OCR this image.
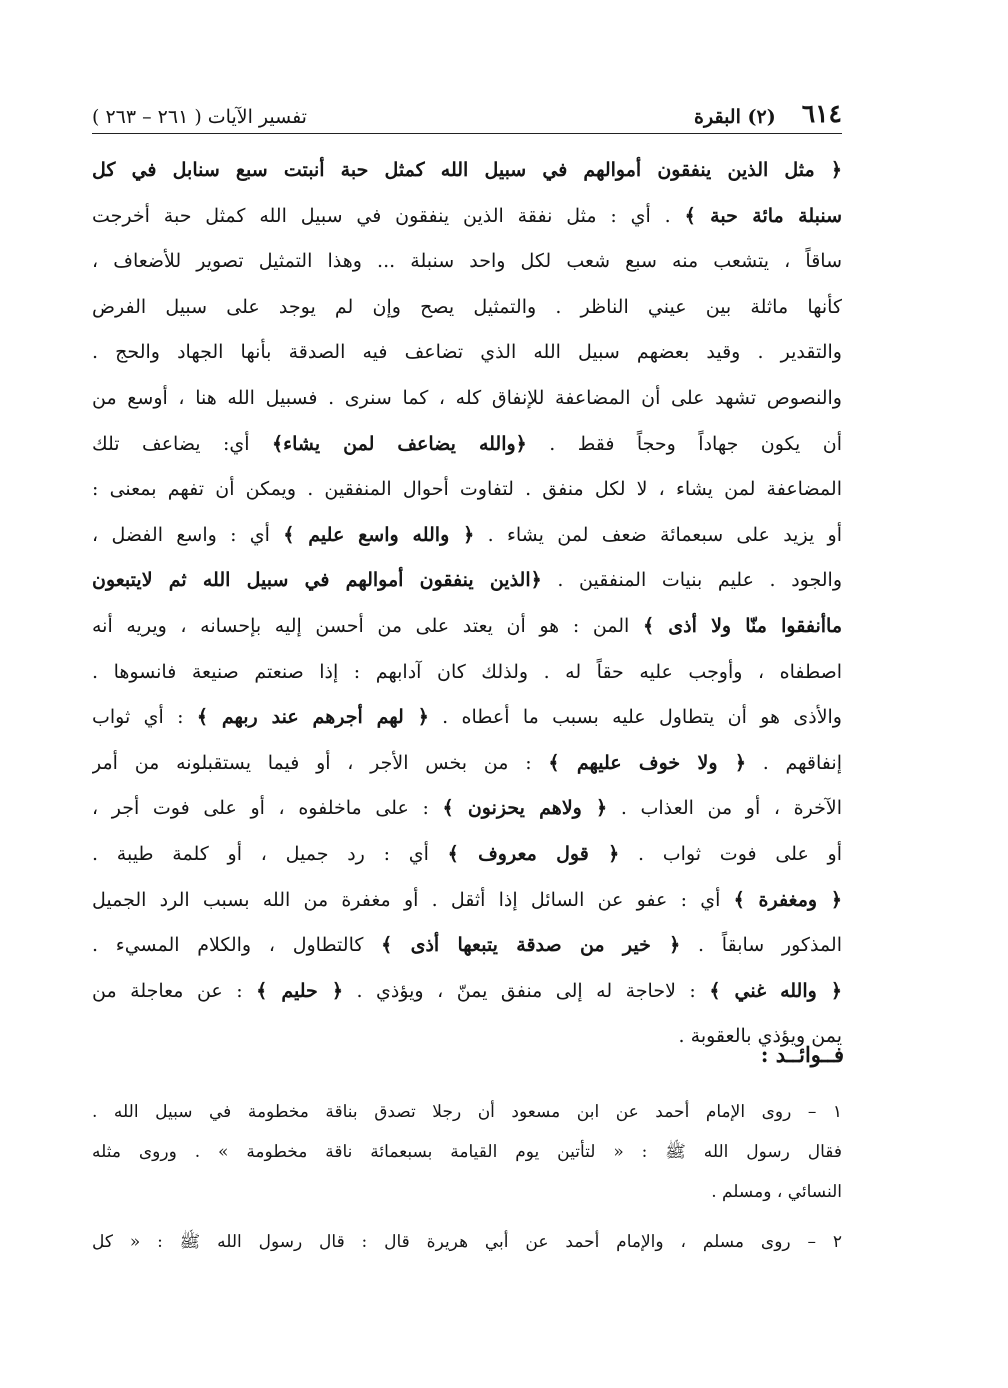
٦١٤
(٢) البقرة
تفسير الآيات ( ٢٦١ – ٢٦٣ )
﴿ مثل الذين ينفقون أموالهم في سبيل الله كمثل حبة أنبتت سبع سنابل في كل
سنبلة مائة حبة ﴾ . أي : مثل نفقة الذين ينفقون في سبيل الله كمثل حبة أخرجت
ساقاً ، يتشعب منه سبع شعب لكل واحد سنبلة ... وهذا التمثيل تصوير للأضعاف ،
كأنها ماثلة بين عيني الناظر . والتمثيل يصح وإن لم يوجد على سبيل الفرض
والتقدير . وقيد بعضهم سبيل الله الذي تضاعف فيه الصدقة بأنها الجهاد والحج .
والنصوص تشهد على أن المضاعفة للإنفاق كله ، كما سنرى . فسبيل الله هنا ، أوسع من
أن يكون جهاداً وحجاً فقط . ﴿والله يضاعف لمن يشاء﴾ أي: يضاعف تلك
المضاعفة لمن يشاء ، لا لكل منفق . لتفاوت أحوال المنفقين . ويمكن أن تفهم بمعنى :
أو يزيد على سبعمائة ضعف لمن يشاء . ﴿ والله واسع عليم ﴾ أي : واسع الفضل ،
والجود . عليم بنيات المنفقين . ﴿الذين ينفقون أموالهم في سبيل الله ثم لايتبعون
ماأنفقوا منّا ولا أذى ﴾ المن : هو أن يعتد على من أحسن إليه بإحسانه ، ويريه أنه
اصطفاه ، وأوجب عليه حقاً له . ولذلك كان آدابهم : إذا صنعتم صنيعة فانسوها .
والأذى هو أن يتطاول عليه بسبب ما أعطاه . ﴿ لهم أجرهم عند ربهم ﴾ : أي ثواب
إنفاقهم . ﴿ ولا خوف عليهم ﴾ : من بخس الأجر ، أو فيما يستقبلونه من أمر
الآخرة ، أو من العذاب . ﴿ ولاهم يحزنون ﴾ : على ماخلفوه ، أو على فوت أجر ،
أو على فوت ثواب . ﴿ قول معروف ﴾ أي : رد جميل ، أو كلمة طيبة .
﴿ ومغفرة ﴾ أي : عفو عن السائل إذا أثقل . أو مغفرة من الله بسبب الرد الجميل
المذكور سابقاً . ﴿ خير من صدقة يتبعها أذى ﴾ كالتطاول ، والكلام المسيء .
﴿ والله غني ﴾ : لاحاجة له إلى منفق يمنّ ، ويؤذي . ﴿ حليم ﴾ : عن معاجلة من
يمن ويؤذي بالعقوبة .
فــوائــد :
١ – روى الإمام أحمد عن ابن مسعود أن رجلا تصدق بناقة مخطومة في سبيل الله .
فقال رسول الله ﷺ : « لتأتين يوم القيامة بسبعمائة ناقة مخطومة » . وروى مثله
النسائي ، ومسلم .
٢ – روى مسلم ، والإمام أحمد عن أبي هريرة قال : قال رسول الله ﷺ : « كل
